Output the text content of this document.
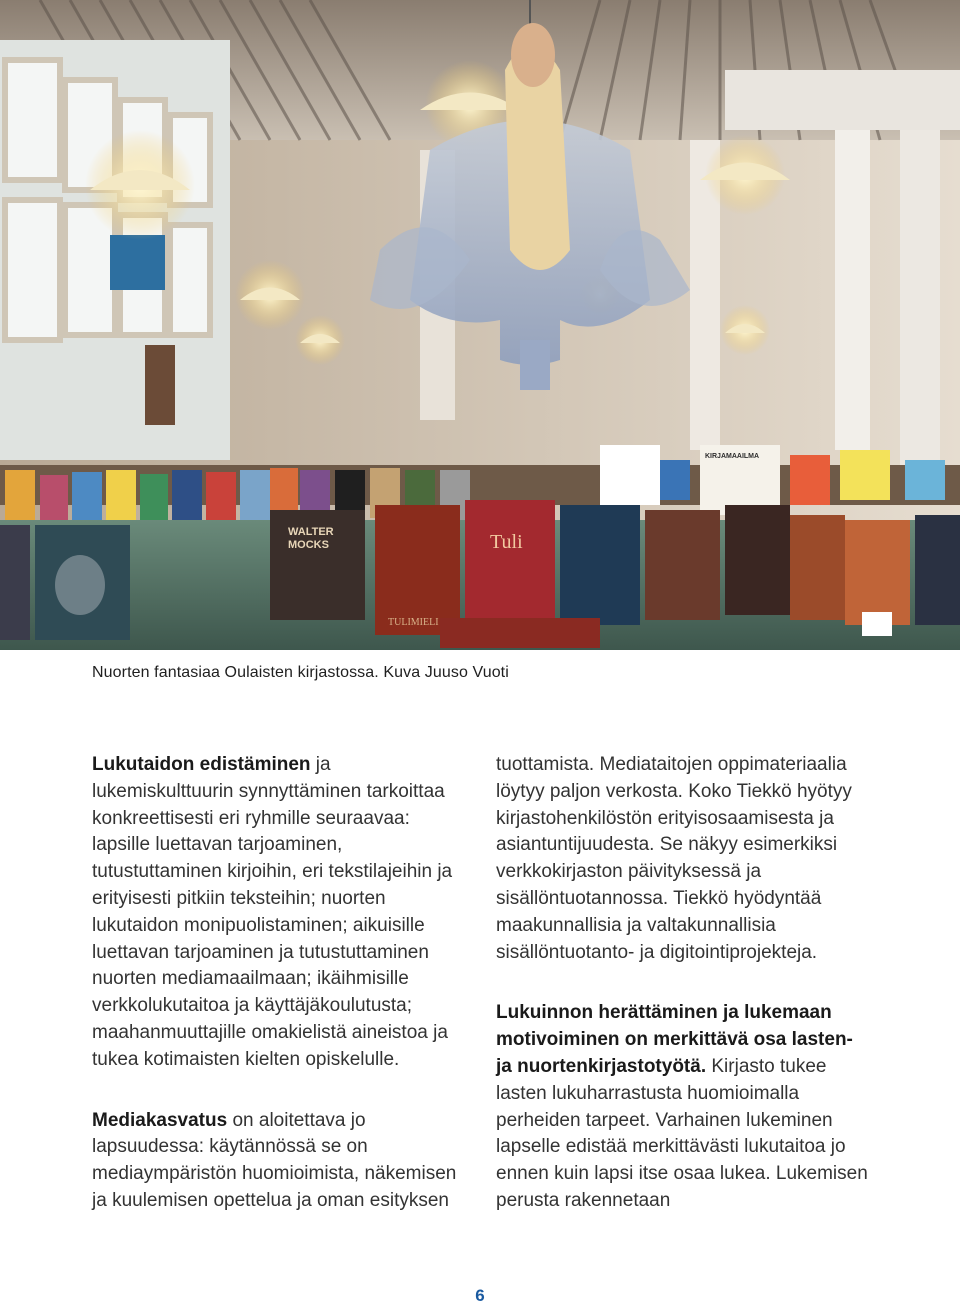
WALTER MOCKS	Tuli
TULIMIELI
KIRJAMAAILMA
Nuorten fantasiaa Oulaisten kirjastossa. Kuva Juuso Vuoti

Lukutaidon edistäminen ja lukemiskulttuurin synnyttäminen tarkoittaa konkreettisesti eri ryhmille seuraavaa: lapsille luettavan tarjoaminen, tutustuttaminen kirjoihin, eri tekstilajeihin ja erityisesti pitkiin teksteihin; nuorten lukutaidon monipuolistaminen; aikuisille luettavan tarjoaminen ja tutustuttaminen nuorten mediamaailmaan; ikäihmisille verkkolukutaitoa ja käyttäjäkoulutusta; maahanmuuttajille omakielistä aineistoa ja tukea kotimaisten kielten opiskelulle.

Mediakasvatus on aloitettava jo lapsuudessa: käytännössä se on mediaympäristön huomioimista, näkemisen ja kuulemisen opettelua ja oman esityksen

tuottamista. Mediataitojen oppimateriaalia löytyy paljon verkosta. Koko Tiekkö hyötyy kirjastohenkilöstön erityisosaamisesta ja asiantuntijuudesta. Se näkyy esimerkiksi verkkokirjaston päivityksessä ja sisällöntuotannossa. Tiekkö hyödyntää maakunnallisia ja valtakunnallisia sisällöntuotanto- ja digitointiprojekteja.

Lukuinnon herättäminen ja lukemaan motivoiminen on merkittävä osa lasten- ja nuortenkirjastotyötä. Kirjasto tukee lasten lukuharrastusta huomioimalla perheiden tarpeet. Varhainen lukeminen lapselle edistää merkittävästi lukutaitoa jo ennen kuin lapsi itse osaa lukea. Lukemisen perusta rakennetaan

6
